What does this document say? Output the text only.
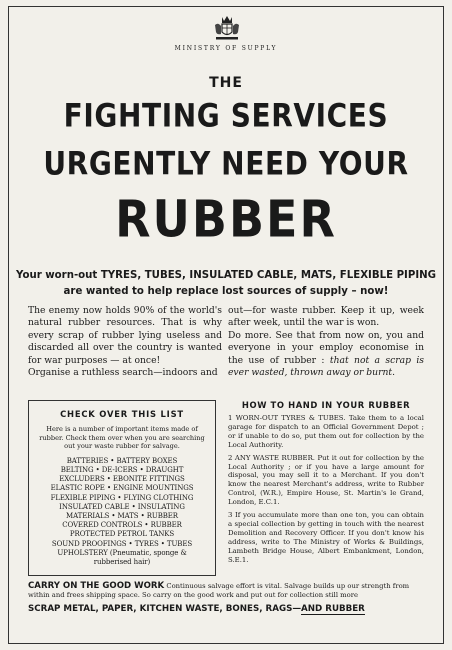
MINISTRY OF SUPPLY
THE
FIGHTING SERVICES
URGENTLY NEED YOUR
RUBBER
Your worn-out TYRES, TUBES, INSULATED CABLE, MATS, FLEXIBLE PIPING
are wanted to help replace lost sources of supply – now!

The enemy now holds 90% of the world's natural rubber resources. That is why every scrap of rubber lying useless and discarded all over the country is wanted for war purposes — at once!

Organise a ruthless search—indoors and

out—for waste rubber. Keep it up, week after week, until the war is won.

Do more. See that from now on, you and everyone in your employ economise in the use of rubber : that not a scrap is ever wasted, thrown away or burnt.

CHECK OVER THIS LIST
Here is a number of important items made of rubber. Check them over when you are searching out your waste rubber for salvage.
BATTERIES • BATTERY BOXES
BELTING • DE-ICERS • DRAUGHT
EXCLUDERS • EBONITE FITTINGS
ELASTIC ROPE • ENGINE MOUNTINGS
FLEXIBLE PIPING • FLYING CLOTHING
INSULATED CABLE • INSULATING
MATERIALS • MATS • RUBBER
COVERED CONTROLS • RUBBER
PROTECTED PETROL TANKS
SOUND PROOFINGS • TYRES • TUBES
UPHOLSTERY (Pneumatic, sponge &
rubberised hair)
HOW TO HAND IN YOUR RUBBER

1 WORN-OUT TYRES & TUBES. Take them to a local garage for dispatch to an Official Government Depot ; or if unable to do so, put them out for collection by the Local Authority.

2 ANY WASTE RUBBER. Put it out for collection by the Local Authority ; or if you have a large amount for disposal, you may sell it to a Merchant. If you don't know the nearest Merchant's address, write to Rubber Control, (W.R.), Empire House, St. Martin's le Grand, London, E.C.1.

3 If you accumulate more than one ton, you can obtain a special collection by getting in touch with the nearest Demolition and Recovery Officer. If you don't know his address, write to The Ministry of Works & Buildings, Lambeth Bridge House, Albert Embankment, London, S.E.1.

CARRY ON THE GOOD WORK Continuous salvage effort is vital. Salvage builds up our strength from within and frees shipping space. So carry on the good work and put out for collection still more
SCRAP METAL, PAPER, KITCHEN WASTE, BONES, RAGS—AND RUBBER
